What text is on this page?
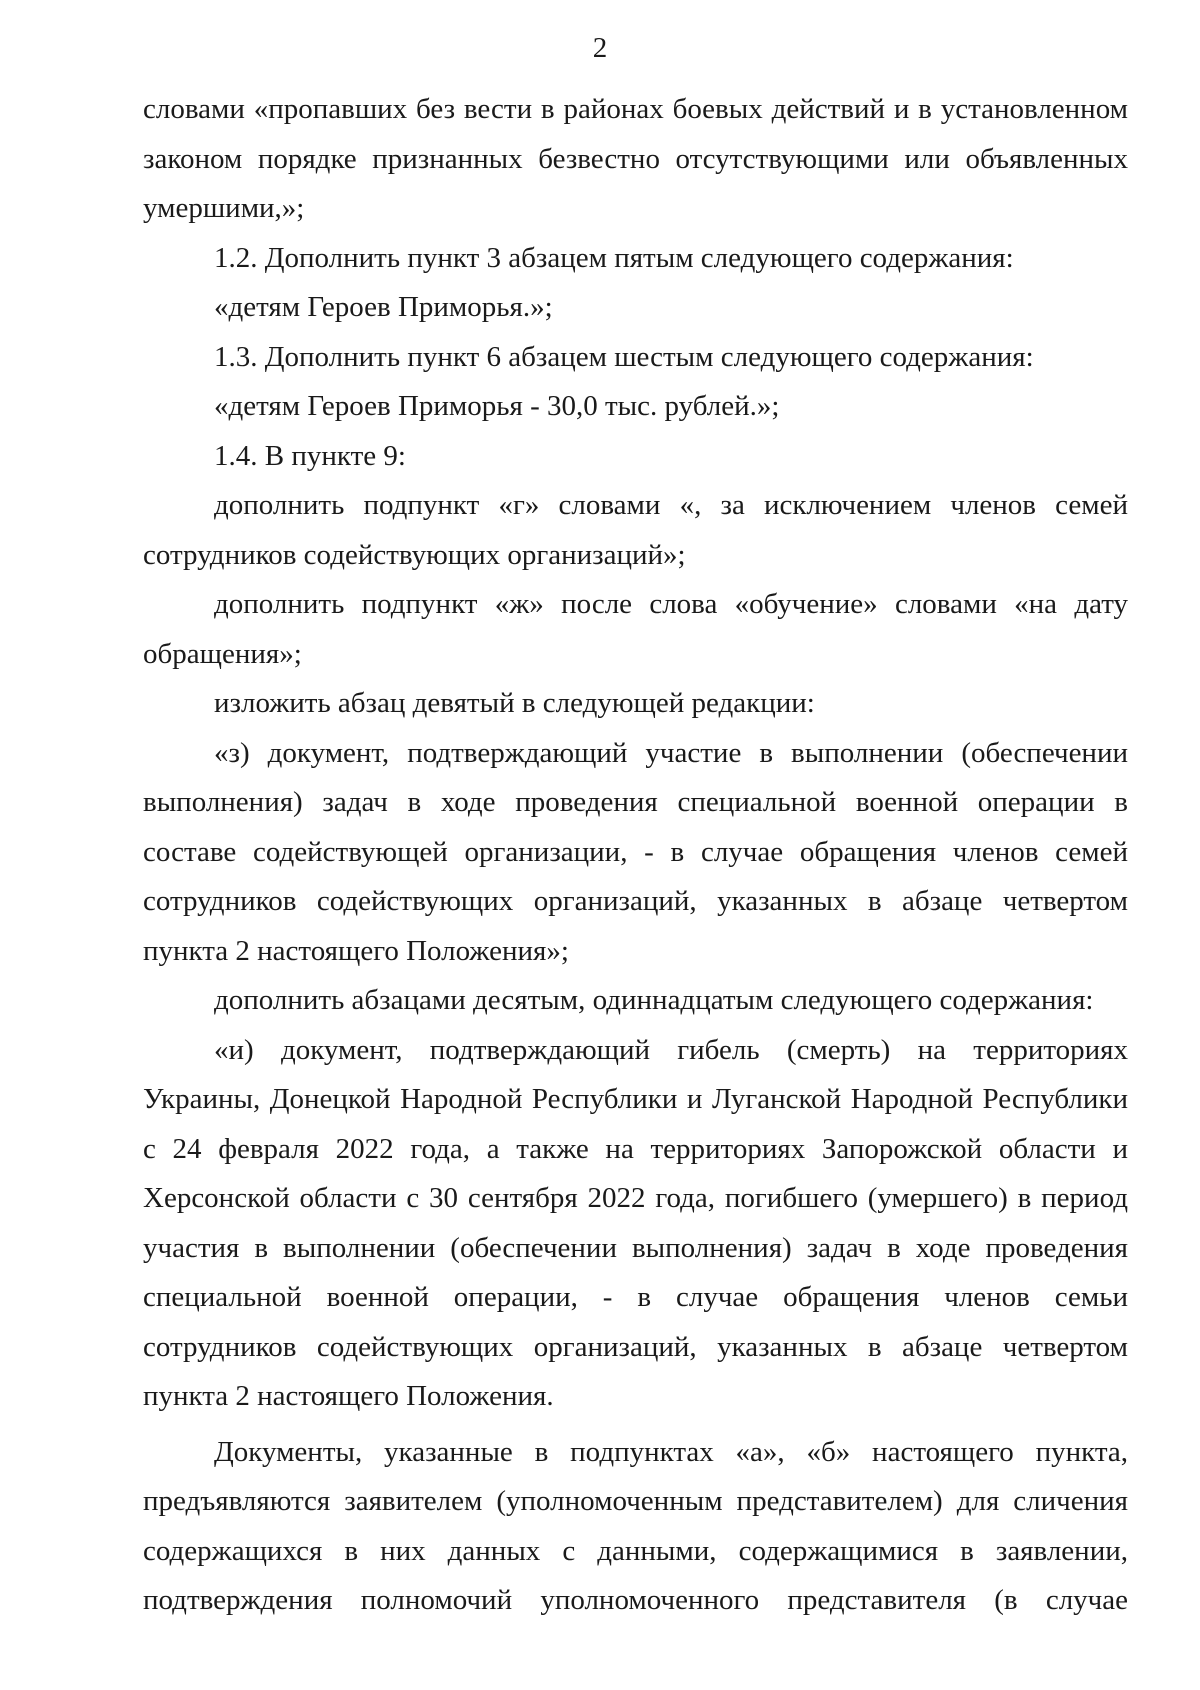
2

словами «пропавших без вести в районах боевых действий и в установленном законом порядке признанных безвестно отсутствующими или объявленных умершими,»;

1.2. Дополнить пункт 3 абзацем пятым следующего содержания:

«детям Героев Приморья.»;

1.3. Дополнить пункт 6 абзацем шестым следующего содержания:

«детям Героев Приморья - 30,0 тыс. рублей.»;

1.4. В пункте 9:

дополнить подпункт «г» словами «, за исключением членов семей сотрудников содействующих организаций»;

дополнить подпункт «ж» после слова «обучение» словами «на дату обращения»;

изложить абзац девятый в следующей редакции:

«з) документ, подтверждающий участие в выполнении (обеспечении выполнения) задач в ходе проведения специальной военной операции в составе содействующей организации, - в случае обращения членов семей сотрудников содействующих организаций, указанных в абзаце четвертом пункта 2 настоящего Положения»;

дополнить абзацами десятым, одиннадцатым следующего содержания:

«и) документ, подтверждающий гибель (смерть) на территориях Украины, Донецкой Народной Республики и Луганской Народной Республики с 24 февраля 2022 года, а также на территориях Запорожской области и Херсонской области с 30 сентября 2022 года, погибшего (умершего) в период участия в выполнении (обеспечении выполнения) задач в ходе проведения специальной военной операции, - в случае обращения членов семьи сотрудников содействующих организаций, указанных в абзаце четвертом пункта 2 настоящего Положения.

Документы, указанные в подпунктах «а», «б» настоящего пункта, предъявляются заявителем (уполномоченным представителем) для сличения содержащихся в них данных с данными, содержащимися в заявлении, подтверждения полномочий уполномоченного представителя (в случае
